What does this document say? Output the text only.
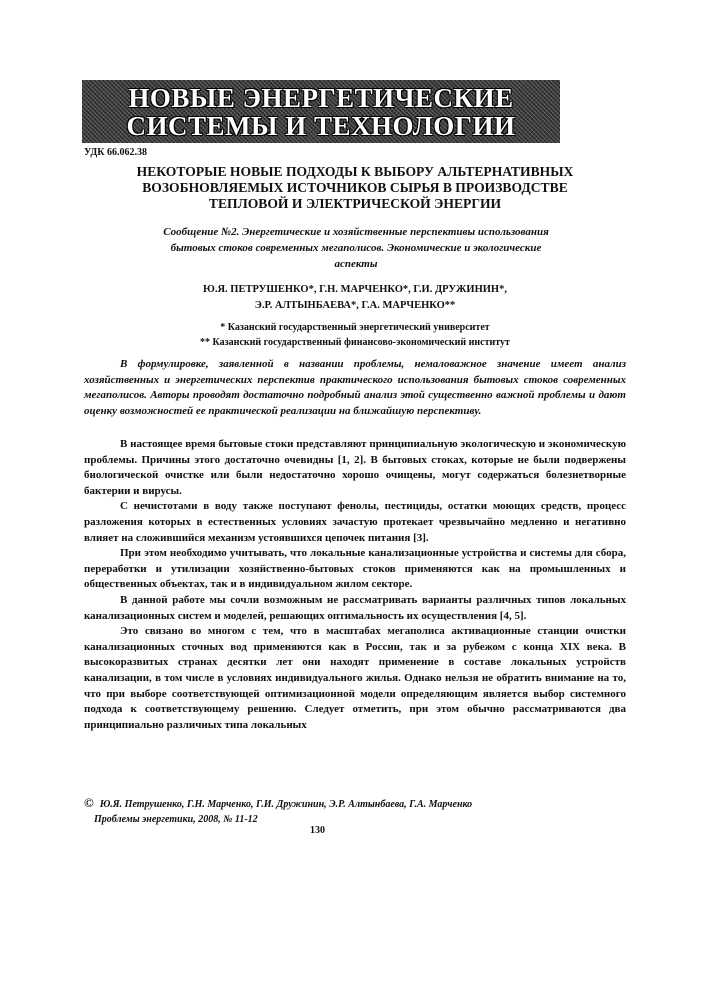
НОВЫЕ ЭНЕРГЕТИЧЕСКИЕ
СИСТЕМЫ И ТЕХНОЛОГИИ
УДК 66.062.38
НЕКОТОРЫЕ НОВЫЕ ПОДХОДЫ К ВЫБОРУ АЛЬТЕРНАТИВНЫХ
ВОЗОБНОВЛЯЕМЫХ ИСТОЧНИКОВ СЫРЬЯ В ПРОИЗВОДСТВЕ
ТЕПЛОВОЙ И ЭЛЕКТРИЧЕСКОЙ ЭНЕРГИИ
Сообщение №2. Энергетические и хозяйственные перспективы использования
бытовых стоков современных мегаполисов. Экономические и экологические
аспекты
Ю.Я. ПЕТРУШЕНКО*, Г.Н. МАРЧЕНКО*, Г.И. ДРУЖИНИН*,
Э.Р. АЛТЫНБАЕВА*, Г.А. МАРЧЕНКО**
* Казанский государственный энергетический университет
** Казанский государственный финансово-экономический институт

В формулировке, заявленной в названии проблемы, немаловажное значение имеет анализ хозяйственных и энергетических перспектив практического использования бытовых стоков современных мегаполисов. Авторы проводят достаточно подробный анализ этой существенно важной проблемы и дают оценку возможностей ее практической реализации на ближайшую перспективу.

В настоящее время бытовые стоки представляют принципиальную экологическую и экономическую проблемы. Причины этого достаточно очевидны [1, 2]. В бытовых стоках, которые не были подвержены биологической очистке или были недостаточно хорошо очищены, могут содержаться болезнетворные бактерии и вирусы.

С нечистотами в воду также поступают фенолы, пестициды, остатки моющих средств, процесс разложения которых в естественных условиях зачастую протекает чрезвычайно медленно и негативно влияет на сложившийся механизм устоявшихся цепочек питания [3].

При этом необходимо учитывать, что локальные канализационные устройства и системы для сбора, переработки и утилизации хозяйственно-бытовых стоков применяются как на промышленных и общественных объектах, так и в индивидуальном жилом секторе.

В данной работе мы сочли возможным не рассматривать варианты различных типов локальных канализационных систем и моделей, решающих оптимальность их осуществления [4, 5].

Это связано во многом с тем, что в масштабах мегаполиса активационные станции очистки канализационных сточных вод применяются как в России, так и за рубежом с конца XIX века. В высокоразвитых странах десятки лет они находят применение в составе локальных устройств канализации, в том числе в условиях индивидуального жилья. Однако нельзя не обратить внимание на то, что при выборе соответствующей оптимизационной модели определяющим является выбор системного подхода к соответствующему решению. Следует отметить, при этом обычно рассматриваются два принципиально различных типа локальных

© Ю.Я. Петрушенко, Г.Н. Марченко, Г.И. Дружинин, Э.Р. Алтынбаева, Г.А. Марченко
Проблемы энергетики, 2008, № 11-12
130
